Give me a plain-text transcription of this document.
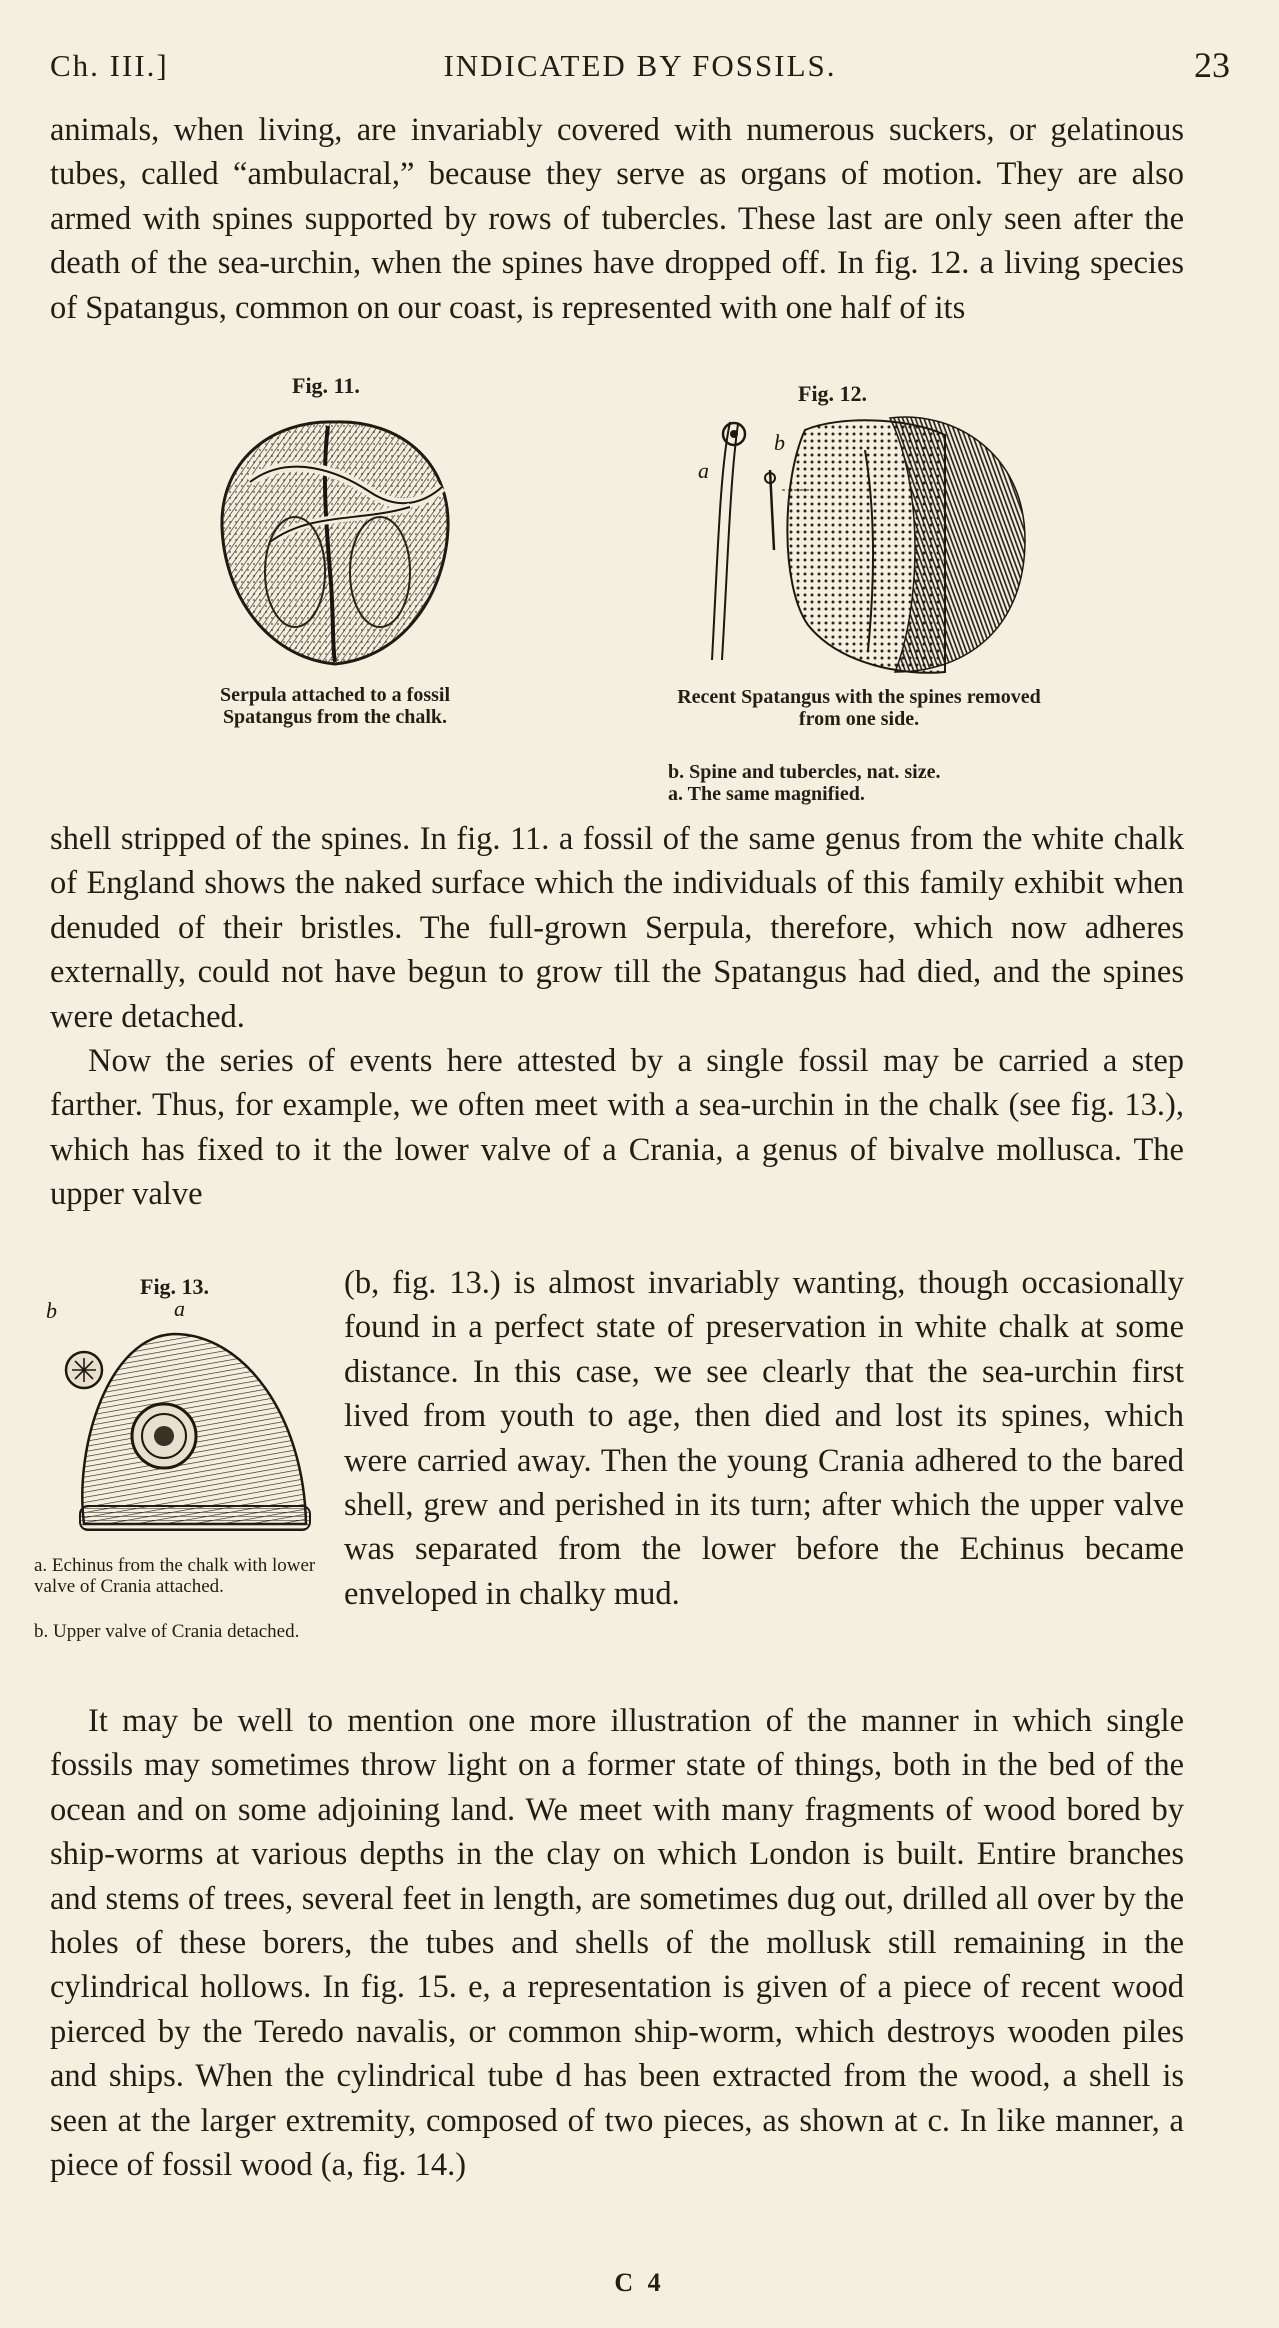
Ch. III.]	INDICATED BY FOSSILS.	23

animals, when living, are invariably covered with numerous suckers, or gelatinous tubes, called “ambulacral,” because they serve as organs of motion. They are also armed with spines supported by rows of tubercles. These last are only seen after the death of the sea-urchin, when the spines have dropped off. In fig. 12. a living species of Spatangus, common on our coast, is represented with one half of its

Fig. 11.
Serpula attached to a fossil Spatangus from the chalk.
Fig. 12.
a
b
Recent Spatangus with the spines removed from one side.
b. Spine and tubercles, nat. size.
a. The same magnified.

shell stripped of the spines. In fig. 11. a fossil of the same genus from the white chalk of England shows the naked surface which the individuals of this family exhibit when denuded of their bristles. The full-grown Serpula, therefore, which now adheres externally, could not have begun to grow till the Spatangus had died, and the spines were detached.

Now the series of events here attested by a single fossil may be carried a step farther. Thus, for example, we often meet with a sea-urchin in the chalk (see fig. 13.), which has fixed to it the lower valve of a Crania, a genus of bivalve mollusca. The upper valve

Fig. 13.
b	a
a. Echinus from the chalk with lower valve of Crania attached.
b. Upper valve of Crania detached.
(b, fig. 13.) is almost invariably wanting, though occasionally found in a perfect state of preservation in white chalk at some distance. In this case, we see clearly that the sea-urchin first lived from youth to age, then died and lost its spines, which were carried away. Then the young Crania adhered to the bared shell, grew and perished in its turn; after which the upper valve was separated from the lower before the Echinus became enveloped in chalky mud.

It may be well to mention one more illustration of the manner in which single fossils may sometimes throw light on a former state of things, both in the bed of the ocean and on some adjoining land. We meet with many fragments of wood bored by ship-worms at various depths in the clay on which London is built. Entire branches and stems of trees, several feet in length, are sometimes dug out, drilled all over by the holes of these borers, the tubes and shells of the mollusk still remaining in the cylindrical hollows. In fig. 15. e, a representation is given of a piece of recent wood pierced by the Teredo navalis, or common ship-worm, which destroys wooden piles and ships. When the cylindrical tube d has been extracted from the wood, a shell is seen at the larger extremity, composed of two pieces, as shown at c. In like manner, a piece of fossil wood (a, fig. 14.)

C 4
